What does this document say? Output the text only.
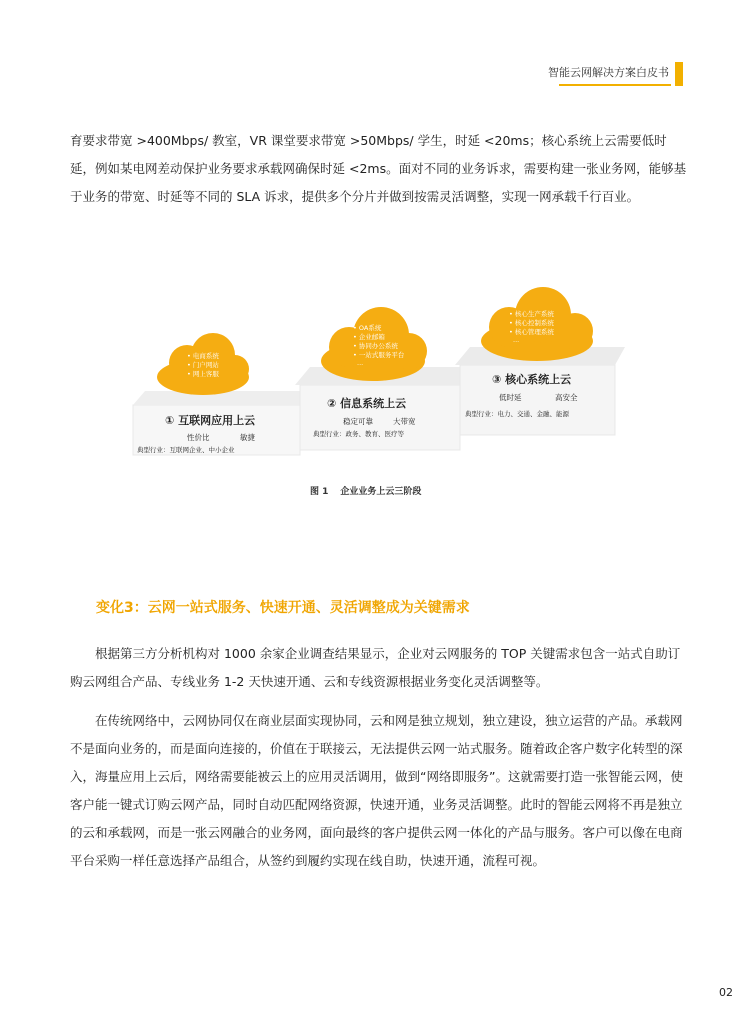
智能云网解决方案白皮书

育要求带宽 >400Mbps/ 教室，VR 课堂要求带宽 >50Mbps/ 学生，时延 <20ms；核心系统上云需要低时延，例如某电网差动保护业务要求承载网确保时延 <2ms。面对不同的业务诉求，需要构建一张业务网，能够基于业务的带宽、时延等不同的 SLA 诉求，提供多个分片并做到按需灵活调整，实现一网承载千行百业。

• 电商系统
• 门户网站
• 网上客服
• OA系统
• 企业邮箱
• 协同办公系统
• 一站式服务平台
...
• 核心生产系统
• 核心控制系统
• 核心管理系统
...
① 互联网应用上云
性价比	敏捷
典型行业：互联网企业、中小企业
② 信息系统上云
稳定可靠	大带宽
典型行业：政务、教育、医疗等
③ 核心系统上云
低时延	高安全
典型行业：电力、交通、金融、能源
图 1 企业业务上云三阶段
变化3：云网一站式服务、快速开通、灵活调整成为关键需求

根据第三方分析机构对 1000 余家企业调查结果显示，企业对云网服务的 TOP 关键需求包含一站式自助订购云网组合产品、专线业务 1-2 天快速开通、云和专线资源根据业务变化灵活调整等。

在传统网络中，云网协同仅在商业层面实现协同，云和网是独立规划，独立建设，独立运营的产品。承载网不是面向业务的，而是面向连接的，价值在于联接云，无法提供云网一站式服务。随着政企客户数字化转型的深入，海量应用上云后，网络需要能被云上的应用灵活调用，做到“网络即服务”。这就需要打造一张智能云网，使客户能一键式订购云网产品，同时自动匹配网络资源，快速开通，业务灵活调整。此时的智能云网将不再是独立的云和承载网，而是一张云网融合的业务网，面向最终的客户提供云网一体化的产品与服务。客户可以像在电商平台采购一样任意选择产品组合，从签约到履约实现在线自助，快速开通，流程可视。

02
